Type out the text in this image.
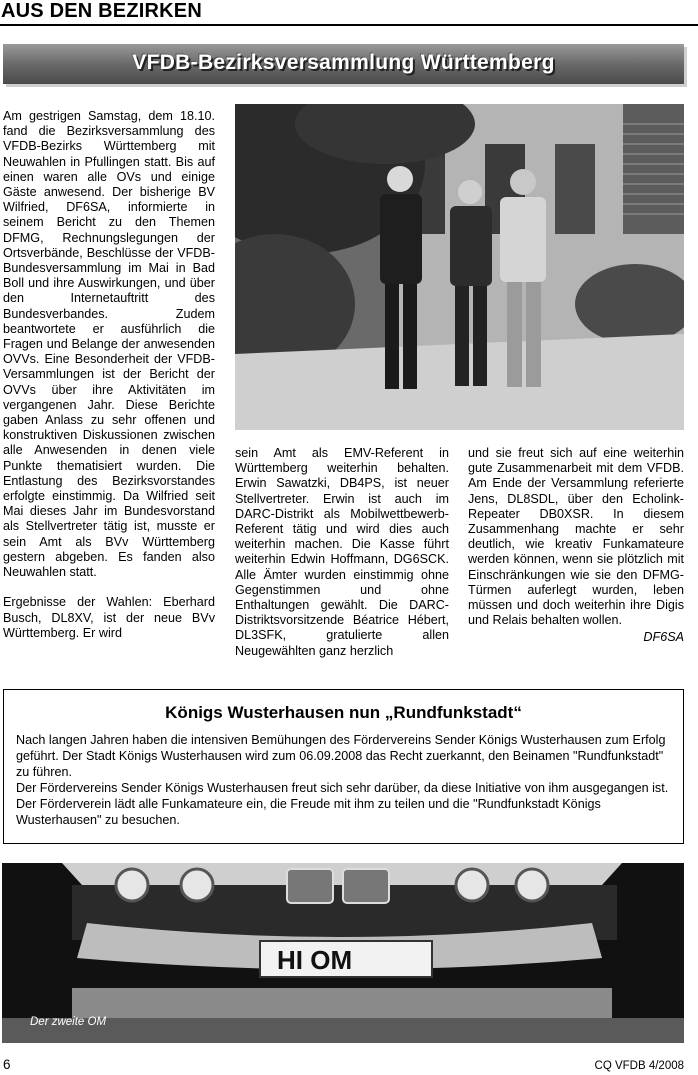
AUS DEN BEZIRKEN
VFDB-Bezirksversammlung Württemberg

Am gestrigen Samstag, dem 18.10. fand die Bezirksversammlung des VFDB-Bezirks Württemberg mit Neuwahlen in Pfullingen statt. Bis auf einen waren alle OVs und einige Gäste anwesend. Der bisherige BV Wilfried, DF6SA, informierte in seinem Bericht zu den Themen DFMG, Rechnungslegungen der Ortsverbände, Beschlüsse der VFDB-Bundesversammlung im Mai in Bad Boll und ihre Auswirkungen, und über den Internetauftritt des Bundesverbandes. Zudem beantwortete er ausführlich die Fragen und Belange der anwesenden OVVs. Eine Besonderheit der VFDB-Versammlungen ist der Bericht der OVVs über ihre Aktivitäten im vergangenen Jahr. Diese Berichte gaben Anlass zu sehr offenen und konstruktiven Diskussionen zwischen alle Anwesenden in denen viele Punkte thematisiert wurden. Die Entlastung des Bezirksvorstandes erfolgte einstimmig. Da Wilfried seit Mai dieses Jahr im Bundesvorstand als Stellvertreter tätig ist, musste er sein Amt als BVv Württemberg gestern abgeben. Es fanden also Neuwahlen statt.

Ergebnisse der Wahlen: Eberhard Busch, DL8XV, ist der neue BVv Württemberg. Er wird

sein Amt als EMV-Referent in Württemberg weiterhin behalten. Erwin Sawatzki, DB4PS, ist neuer Stellvertreter. Erwin ist auch im DARC-Distrikt als Mobilwettbewerb-Referent tätig und wird dies auch weiterhin machen. Die Kasse führt weiterhin Edwin Hoffmann, DG6SCK. Alle Ämter wurden einstimmig ohne Gegenstimmen und ohne Enthaltungen gewählt. Die DARC-Distriktsvorsitzende Béatrice Hébert, DL3SFK, gratulierte allen Neugewählten ganz herzlich

und sie freut sich auf eine weiterhin gute Zusammenarbeit mit dem VFDB. Am Ende der Versammlung referierte Jens, DL8SDL, über den Echolink-Repeater DB0XSR. In diesem Zusammenhang machte er sehr deutlich, wie kreativ Funkamateure werden können, wenn sie plötzlich mit Einschränkungen wie sie den DFMG-Türmen auferlegt wurden, leben müssen und doch weiterhin ihre Digis und Relais behalten wollen.

DF6SA

Königs Wusterhausen nun „Rundfunkstadt“

Nach langen Jahren haben die intensiven Bemühungen des Fördervereins Sender Königs Wusterhausen zum Erfolg geführt. Der Stadt Königs Wusterhausen wird zum 06.09.2008 das Recht zuerkannt, den Beinamen "Rundfunkstadt" zu führen.

Der Fördervereins Sender Königs Wusterhausen freut sich sehr darüber, da diese Initiative von ihm ausgegangen ist. Der Förderverein lädt alle Funkamateure ein, die Freude mit ihm zu teilen und die "Rundfunkstadt Königs Wusterhausen" zu besuchen.

HI OM
Der zweite OM
6	CQ VFDB 4/2008
